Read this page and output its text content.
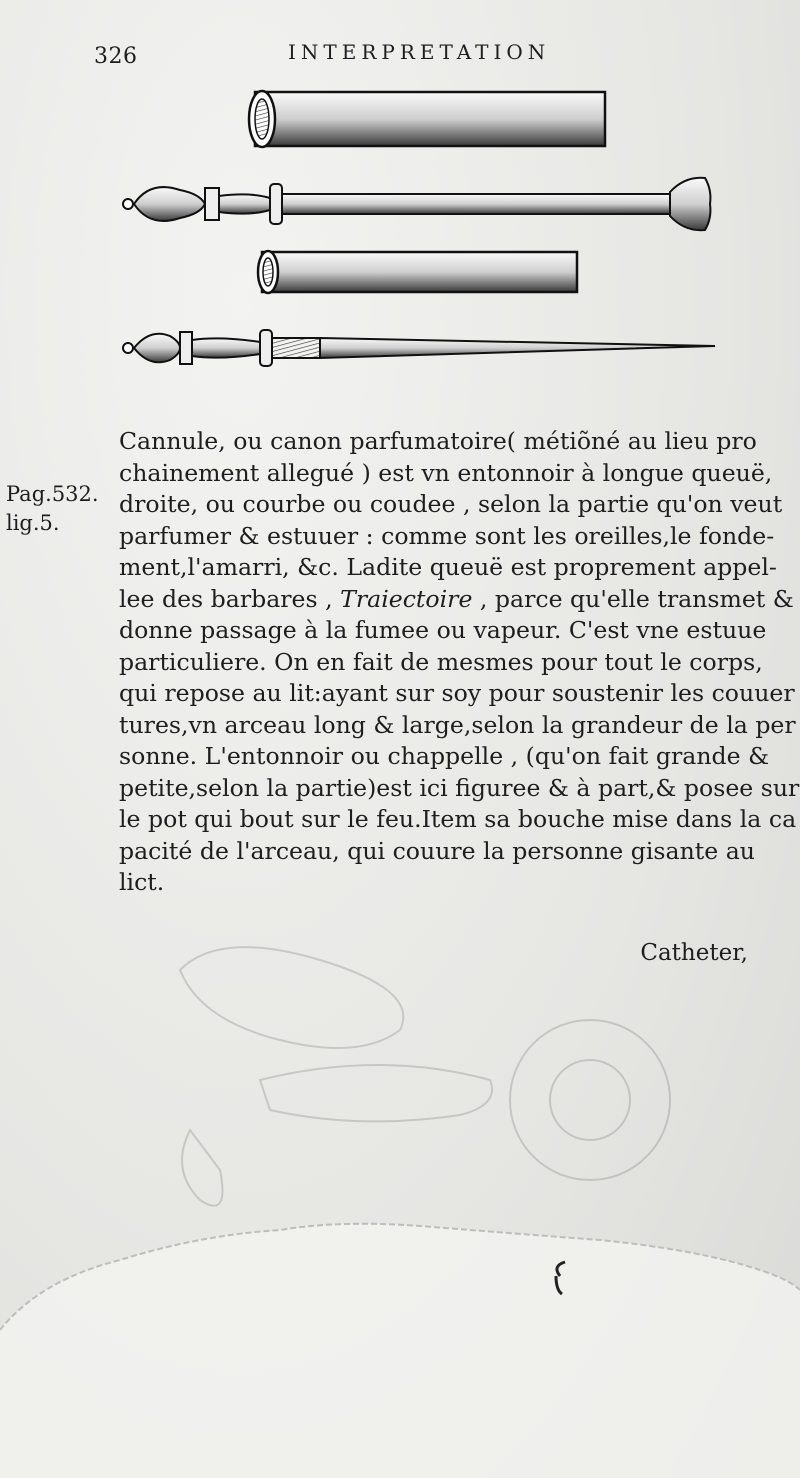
326	INTERPRETATION
Pag.532.
lig.5.
Cannule, ou canon parfumatoire( métiõné au lieu pro
chainement allegué ) est vn entonnoir à longue queuë,
droite, ou courbe ou coudee , selon la partie qu'on veut
parfumer & estuuer : comme sont les oreilles,le fonde-
ment,l'amarri, &c. Ladite queuë est proprement appel-
lee des barbares , Traiectoire , parce qu'elle transmet &
donne passage à la fumee ou vapeur. C'est vne estuue
particuliere. On en fait de mesmes pour tout le corps,
qui repose au lit:ayant sur soy pour soustenir les couuer
tures,vn arceau long & large,selon la grandeur de la per
sonne. L'entonnoir ou chappelle , (qu'on fait grande &
petite,selon la partie)est ici figuree & à part,& posee sur
le pot qui bout sur le feu.Item sa bouche mise dans la ca
pacité de l'arceau, qui couure la personne gisante au
lict.
Catheter,
